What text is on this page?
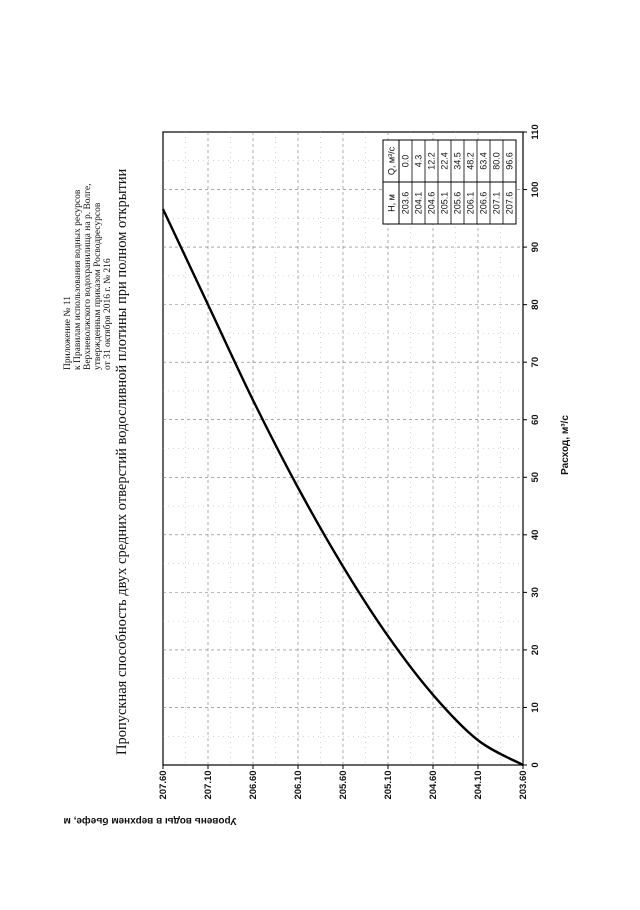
Приложение № 11 к Правилам использования водных ресурсов Верхневолжского водохранилища на р. Волге, утвержденным приказом Росводресурсов от 31 октября 2016 г. № 216 Пропускная способность двух средних отверстий водосливной плотины при полном открытии
Уровень воды в верхнем бьефе, м
Расход, м³/с
0
10
20
30
40
50
60
70
80
90
100
110
203.60
204.10
204.60
205.10
205.60
206.10
206.60
207.10
207.60
H, м
Q, м³/с
203.6
0.0
204.1
4.3
204.6
12.2
205.1
22.4
205.6
34.5
206.1
48.2
206.6
63.4
207.1
80.0
207.6
96.6
